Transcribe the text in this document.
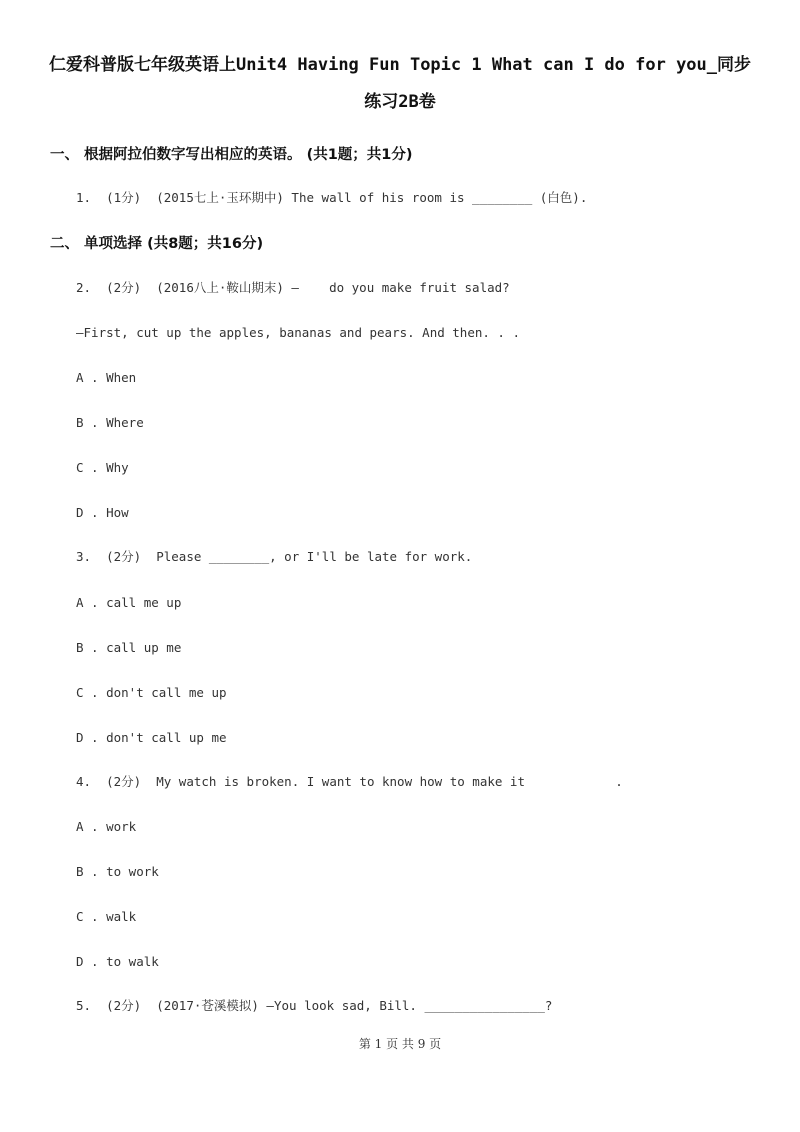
仁爱科普版七年级英语上Unit4 Having Fun Topic 1 What can I do for you_同步
练习2B卷
一、 根据阿拉伯数字写出相应的英语。 (共1题；共1分)
1.  (1分)  (2015七上·玉环期中) The wall of his room is ________ (白色).
二、 单项选择 (共8题；共16分)
2.  (2分)  (2016八上·鞍山期末) —    do you make fruit salad?
—First, cut up the apples, bananas and pears. And then. . .
A . When
B . Where
C . Why
D . How
3.  (2分)  Please ________, or I'll be late for work.
A . call me up
B . call up me
C . don't call me up
D . don't call up me
4.  (2分)  My watch is broken. I want to know how to make it            .
A . work
B . to work
C . walk
D . to walk
5.  (2分)  (2017·苍溪模拟) —You look sad, Bill. ________________?
第 1 页 共 9 页
